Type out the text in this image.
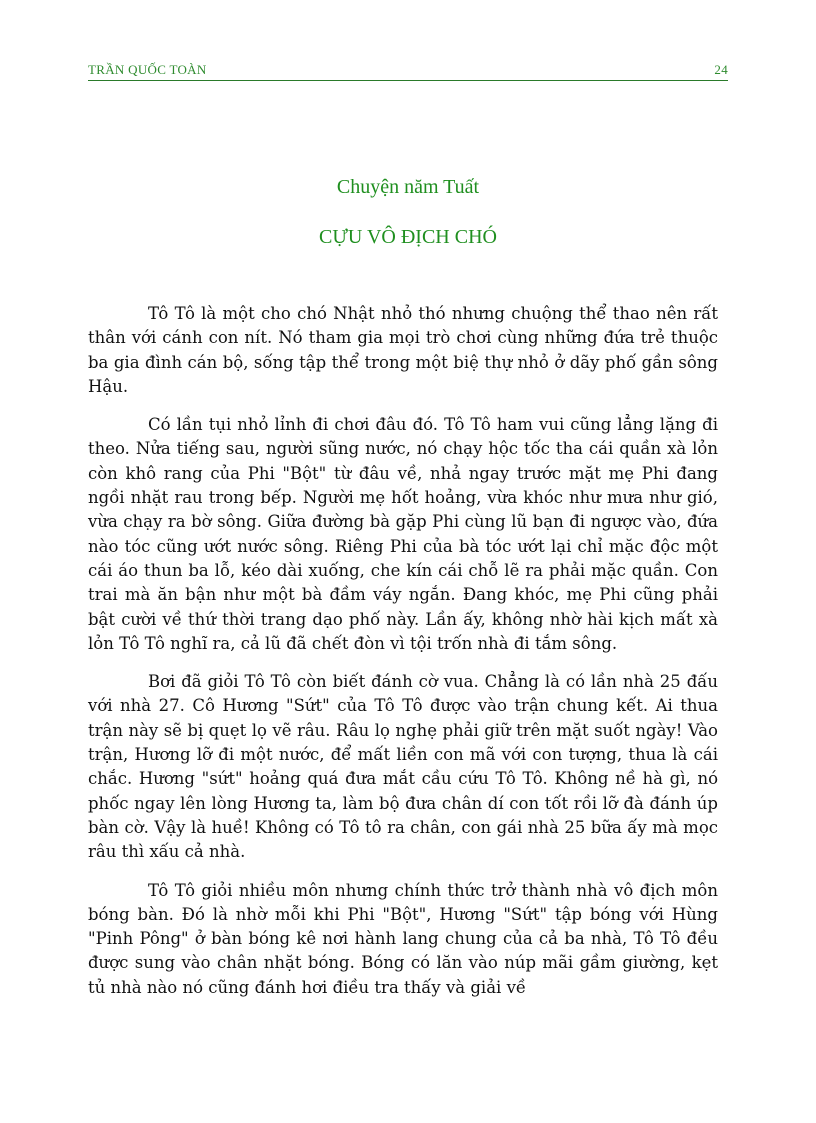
TRẦN QUỐC TOÀN	24
Chuyện năm Tuất
CỰU VÔ ĐỊCH CHÓ

Tô Tô là một cho chó Nhật nhỏ thó nhưng chuộng thể thao nên rất thân với cánh con nít. Nó tham gia mọi trò chơi cùng những đứa trẻ thuộc ba gia đình cán bộ, sống tập thể trong một biệ thự nhỏ ở dãy phố gần sông Hậu.

Có lần tụi nhỏ lỉnh đi chơi đâu đó. Tô Tô ham vui cũng lẳng lặng đi theo. Nửa tiếng sau, người sũng nước, nó chạy hộc tốc tha cái quần xà lỏn còn khô rang của Phi "Bột" từ đâu về, nhả ngay trước mặt mẹ Phi đang ngồi nhặt rau trong bếp. Người mẹ hốt hoảng, vừa khóc như mưa như gió, vừa chạy ra bờ sông. Giữa đường bà gặp Phi cùng lũ bạn đi ngược vào, đứa nào tóc cũng ướt nước sông. Riêng Phi của bà tóc ướt lại chỉ mặc độc một cái áo thun ba lỗ, kéo dài xuống, che kín cái chỗ lẽ ra phải mặc quần. Con trai mà ăn bận như một bà đầm váy ngắn. Đang khóc, mẹ Phi cũng phải bật cười về thứ thời trang dạo phố này. Lần ấy, không nhờ hài kịch mất xà lỏn Tô Tô nghĩ ra, cả lũ đã chết đòn vì tội trốn nhà đi tắm sông.

Bơi đã giỏi Tô Tô còn biết đánh cờ vua. Chẳng là có lần nhà 25 đấu với nhà 27. Cô Hương "Sứt" của Tô Tô được vào trận chung kết. Ai thua trận này sẽ bị quẹt lọ vẽ râu. Râu lọ nghẹ phải giữ trên mặt suốt ngày! Vào trận, Hương lỡ đi một nước, để mất liền con mã với con tượng, thua là cái chắc. Hương "sứt" hoảng quá đưa mắt cầu cứu Tô Tô. Không nề hà gì, nó phốc ngay lên lòng Hương ta, làm bộ đưa chân dí con tốt rồi lỡ đà đánh úp bàn cờ. Vậy là huề! Không có Tô tô ra chân, con gái nhà 25 bữa ấy mà mọc râu thì xấu cả nhà.

Tô Tô giỏi nhiều môn nhưng chính thức trở thành nhà vô địch môn bóng bàn. Đó là nhờ mỗi khi Phi "Bột", Hương "Sứt" tập bóng với Hùng "Pinh Pông" ở bàn bóng kê nơi hành lang chung của cả ba nhà, Tô Tô đều được sung vào chân nhặt bóng. Bóng có lăn vào núp mãi gầm giường, kẹt tủ nhà nào nó cũng đánh hơi điều tra thấy và giải về
